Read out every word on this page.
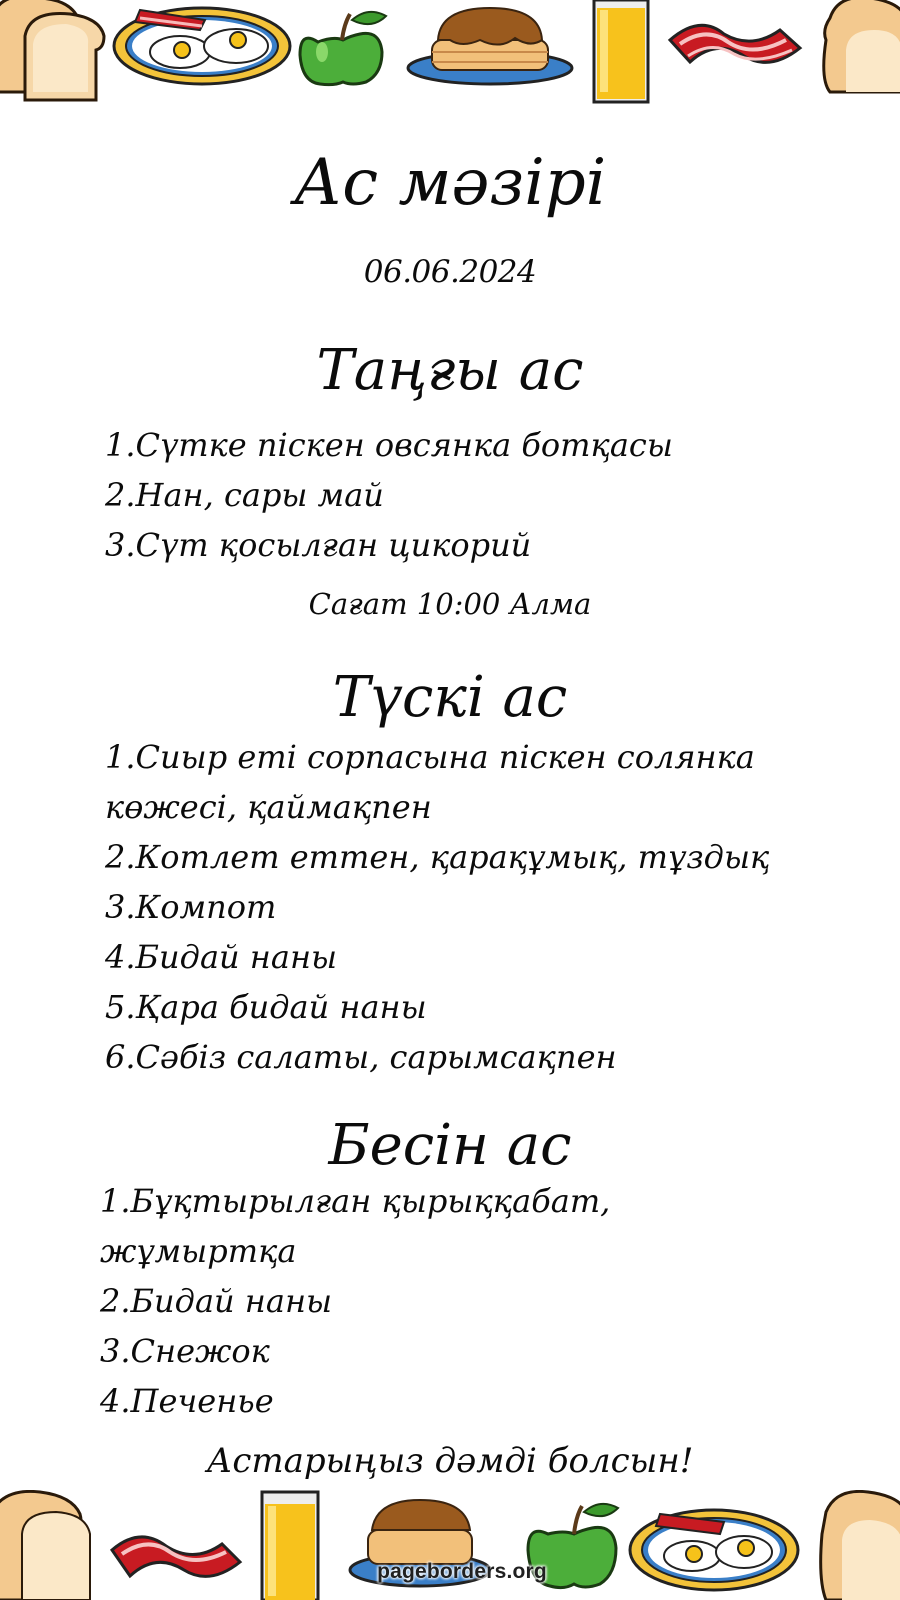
pageborders.org
Ас мәзірі
06.06.2024
Таңғы ас
1.Сүтке піскен овсянка ботқасы
2.Нан, сары май
3.Сүт қосылған цикорий
Сағат 10:00 Алма
Түскі ас
1.Сиыр еті сорпасына піскен солянка көжесі, қаймақпен
2.Котлет еттен, қарақұмық, тұздық
3.Компот
4.Бидай наны
5.Қара бидай наны
6.Сәбіз салаты, сарымсақпен
Бесін ас
1.Бұқтырылған қырыққабат, жұмыртқа
2.Бидай наны
3.Снежок
4.Печенье
Астарыңыз дәмді болсын!
